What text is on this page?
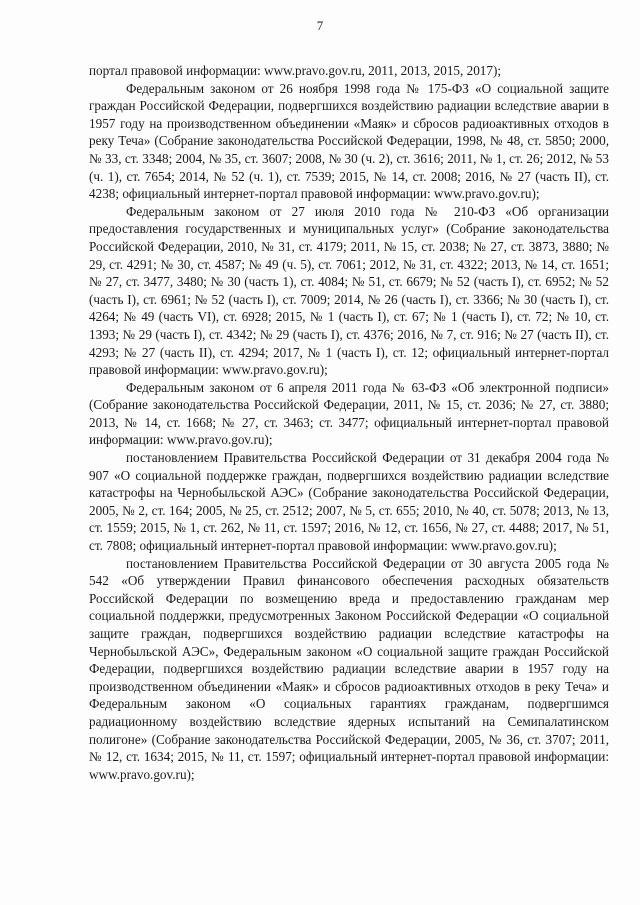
7

портал правовой информации: www.pravo.gov.ru, 2011, 2013, 2015, 2017);

Федеральным законом от 26 ноября 1998 года № 175-ФЗ «О социальной защите граждан Российской Федерации, подвергшихся воздействию радиации вследствие аварии в 1957 году на производственном объединении «Маяк» и сбросов радиоактивных отходов в реку Теча» (Собрание законодательства Российской Федерации, 1998, № 48, ст. 5850; 2000, № 33, ст. 3348; 2004, № 35, ст. 3607; 2008, № 30 (ч. 2), ст. 3616; 2011, № 1, ст. 26; 2012, № 53 (ч. 1), ст. 7654; 2014, № 52 (ч. 1), ст. 7539; 2015, № 14, ст. 2008; 2016, № 27 (часть II), ст. 4238; официальный интернет-портал правовой информации: www.pravo.gov.ru);

Федеральным законом от 27 июля 2010 года № 210-ФЗ «Об организации предоставления государственных и муниципальных услуг» (Собрание законодательства Российской Федерации, 2010, № 31, ст. 4179; 2011, № 15, ст. 2038; № 27, ст. 3873, 3880; № 29, ст. 4291; № 30, ст. 4587; № 49 (ч. 5), ст. 7061; 2012, № 31, ст. 4322; 2013, № 14, ст. 1651; № 27, ст. 3477, 3480; № 30 (часть 1), ст. 4084; № 51, ст. 6679; № 52 (часть I), ст. 6952; № 52 (часть I), ст. 6961; № 52 (часть I), ст. 7009; 2014, № 26 (часть I), ст. 3366; № 30 (часть I), ст. 4264; № 49 (часть VI), ст. 6928; 2015, № 1 (часть I), ст. 67; № 1 (часть I), ст. 72; № 10, ст. 1393; № 29 (часть I), ст. 4342; № 29 (часть I), ст. 4376; 2016, № 7, ст. 916; № 27 (часть II), ст. 4293; № 27 (часть II), ст. 4294; 2017, № 1 (часть I), ст. 12; официальный интернет-портал правовой информации: www.pravo.gov.ru);

Федеральным законом от 6 апреля 2011 года № 63-ФЗ «Об электронной подписи» (Собрание законодательства Российской Федерации, 2011, № 15, ст. 2036; № 27, ст. 3880; 2013, № 14, ст. 1668; № 27, ст. 3463; ст. 3477; официальный интернет-портал правовой информации: www.pravo.gov.ru);

постановлением Правительства Российской Федерации от 31 декабря 2004 года № 907 «О социальной поддержке граждан, подвергшихся воздействию радиации вследствие катастрофы на Чернобыльской АЭС» (Собрание законодательства Российской Федерации, 2005, № 2, ст. 164; 2005, № 25, ст. 2512; 2007, № 5, ст. 655; 2010, № 40, ст. 5078; 2013, № 13, ст. 1559; 2015, № 1, ст. 262, № 11, ст. 1597; 2016, № 12, ст. 1656, № 27, ст. 4488; 2017, № 51, ст. 7808; официальный интернет-портал правовой информации: www.pravo.gov.ru);

постановлением Правительства Российской Федерации от 30 августа 2005 года № 542 «Об утверждении Правил финансового обеспечения расходных обязательств Российской Федерации по возмещению вреда и предоставлению гражданам мер социальной поддержки, предусмотренных Законом Российской Федерации «О социальной защите граждан, подвергшихся воздействию радиации вследствие катастрофы на Чернобыльской АЭС», Федеральным законом «О социальной защите граждан Российской Федерации, подвергшихся воздействию радиации вследствие аварии в 1957 году на производственном объединении «Маяк» и сбросов радиоактивных отходов в реку Теча» и Федеральным законом «О социальных гарантиях гражданам, подвергшимся радиационному воздействию вследствие ядерных испытаний на Семипалатинском полигоне» (Собрание законодательства Российской Федерации, 2005, № 36, ст. 3707; 2011, № 12, ст. 1634; 2015, № 11, ст. 1597; официальный интернет-портал правовой информации: www.pravo.gov.ru);
